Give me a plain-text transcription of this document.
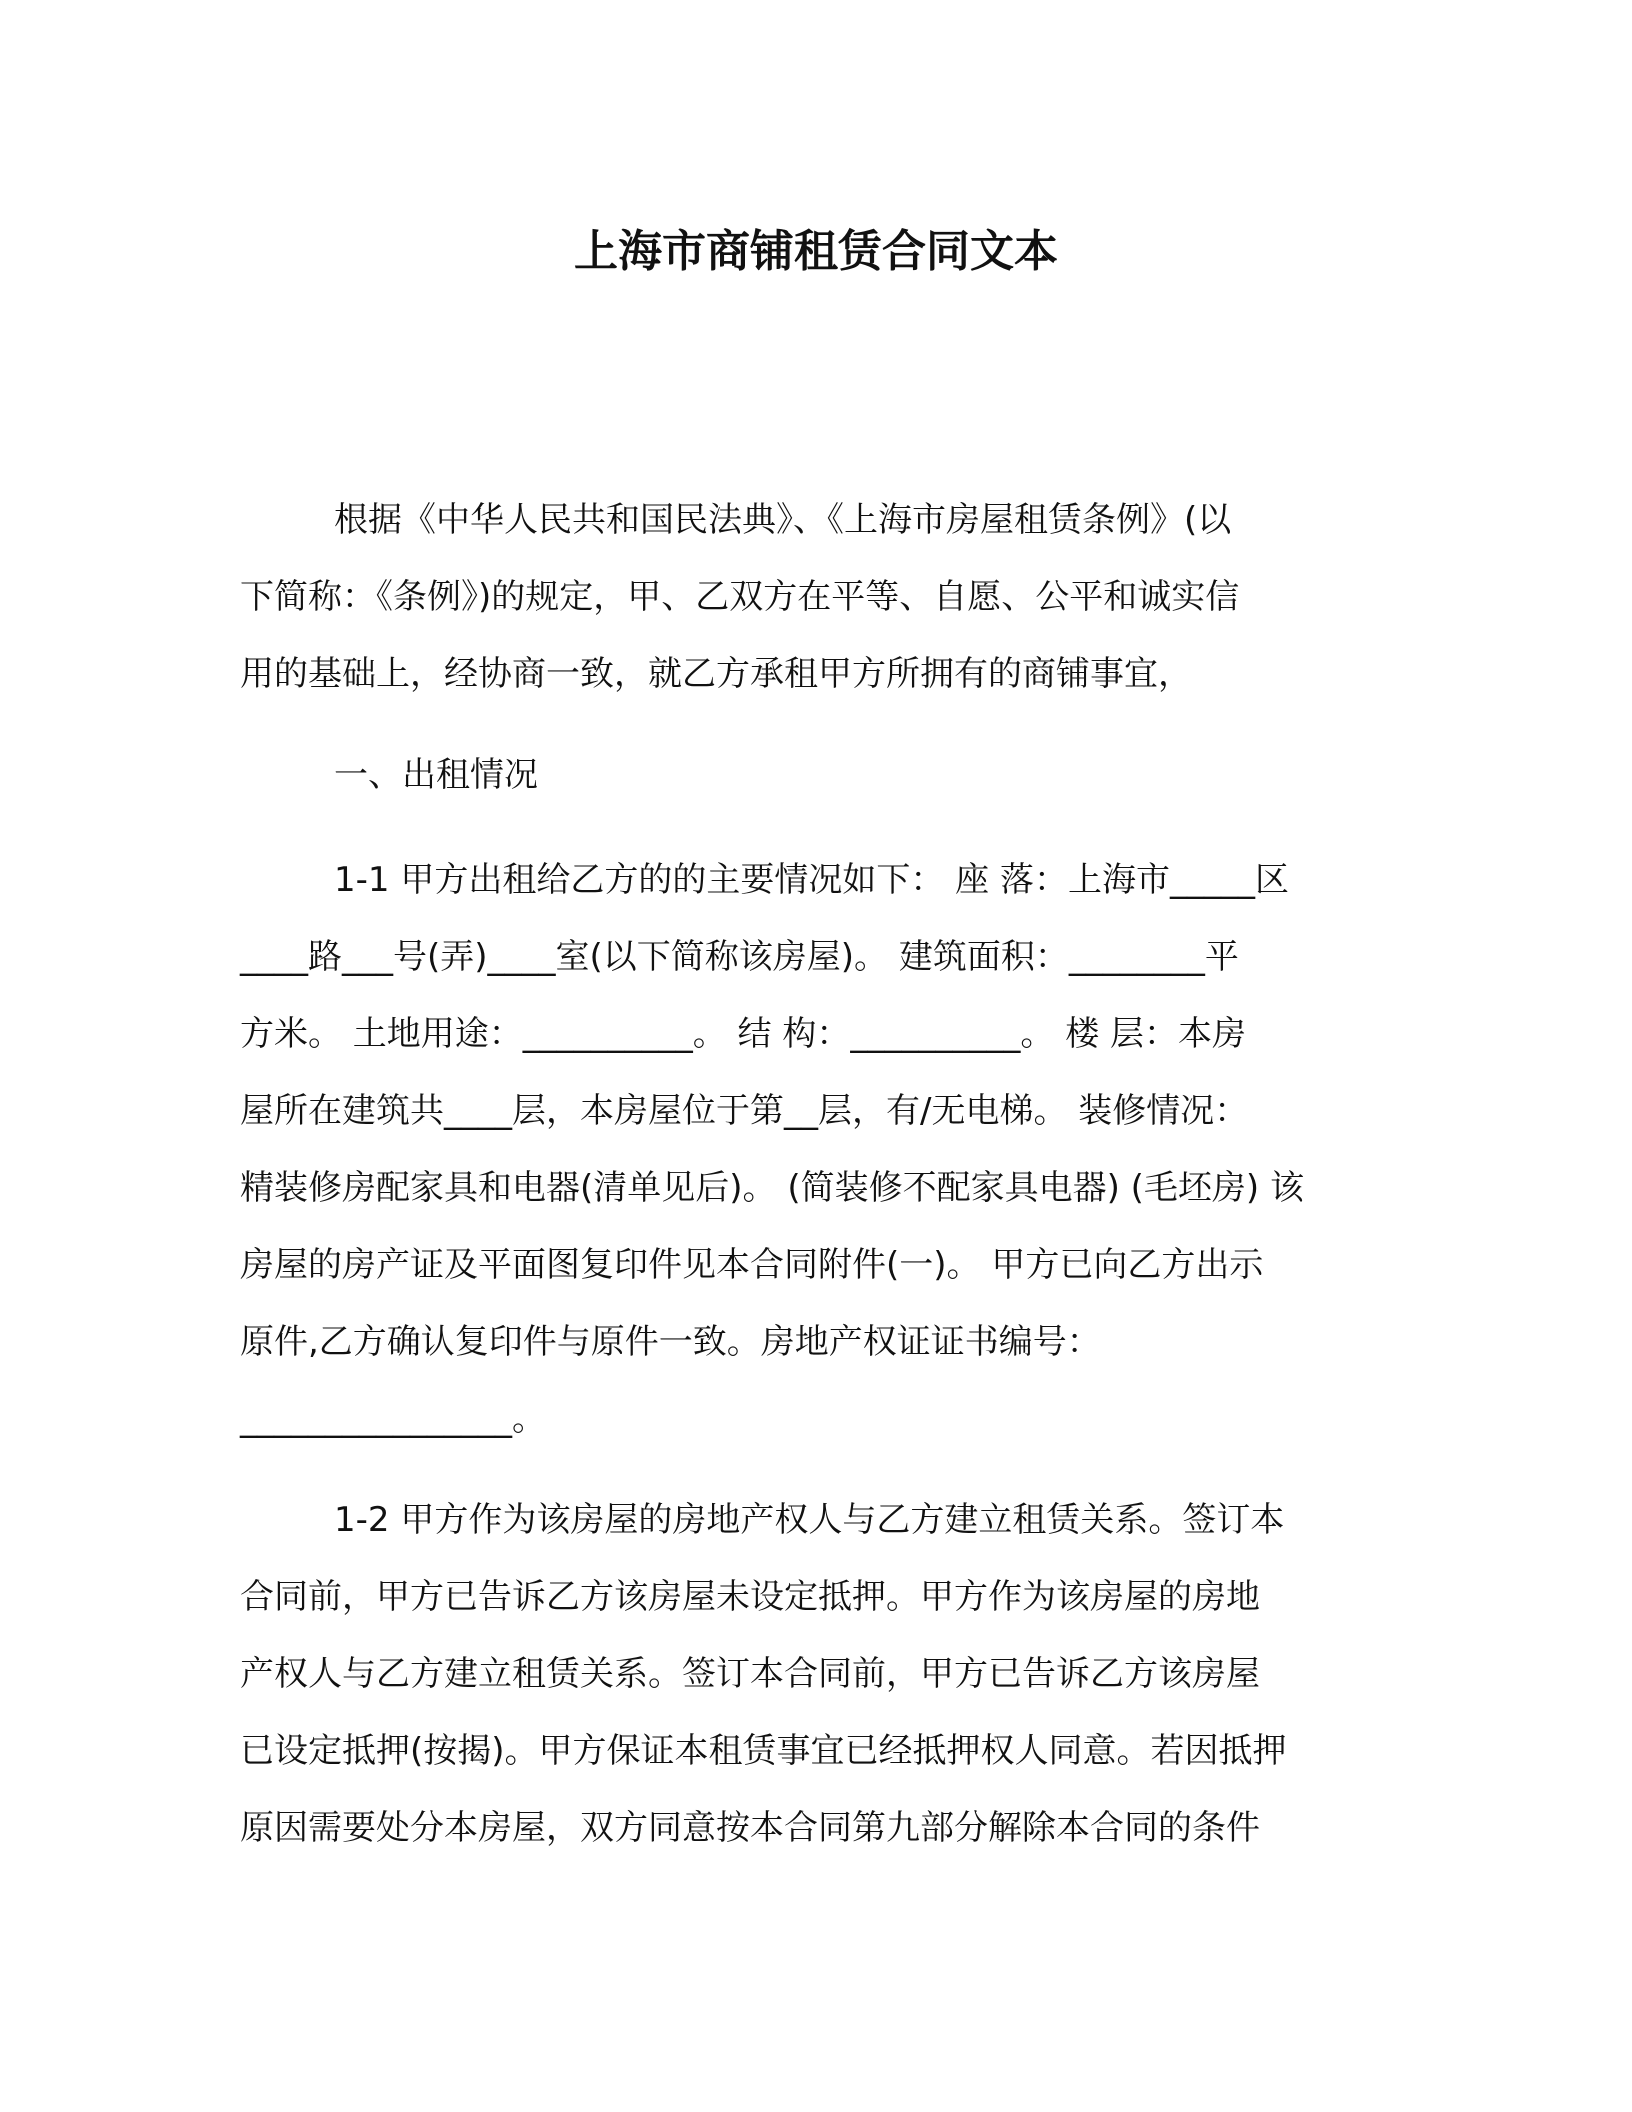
上海市商铺租赁合同文本
根据《中华人民共和国民法典》、《上海市房屋租赁条例》(以
下简称：《条例》)的规定，甲、乙双方在平等、自愿、公平和诚实信
用的基础上，经协商一致，就乙方承租甲方所拥有的商铺事宜，
一、出租情况
1-1 甲方出租给乙方的的主要情况如下： 座 落：上海市_____区
____路___号(弄)____室(以下简称该房屋)。 建筑面积：________平
方米。 土地用途：__________。 结 构：__________。 楼 层：本房
屋所在建筑共____层，本房屋位于第__层，有/无电梯。 装修情况：
精装修房配家具和电器(清单见后)。 (简装修不配家具电器) (毛坯房) 该
房屋的房产证及平面图复印件见本合同附件(一)。 甲方已向乙方出示
原件,乙方确认复印件与原件一致。房地产权证证书编号：
________________。
1-2 甲方作为该房屋的房地产权人与乙方建立租赁关系。签订本
合同前，甲方已告诉乙方该房屋未设定抵押。甲方作为该房屋的房地
产权人与乙方建立租赁关系。签订本合同前，甲方已告诉乙方该房屋
已设定抵押(按揭)。甲方保证本租赁事宜已经抵押权人同意。若因抵押
原因需要处分本房屋，双方同意按本合同第九部分解除本合同的条件
